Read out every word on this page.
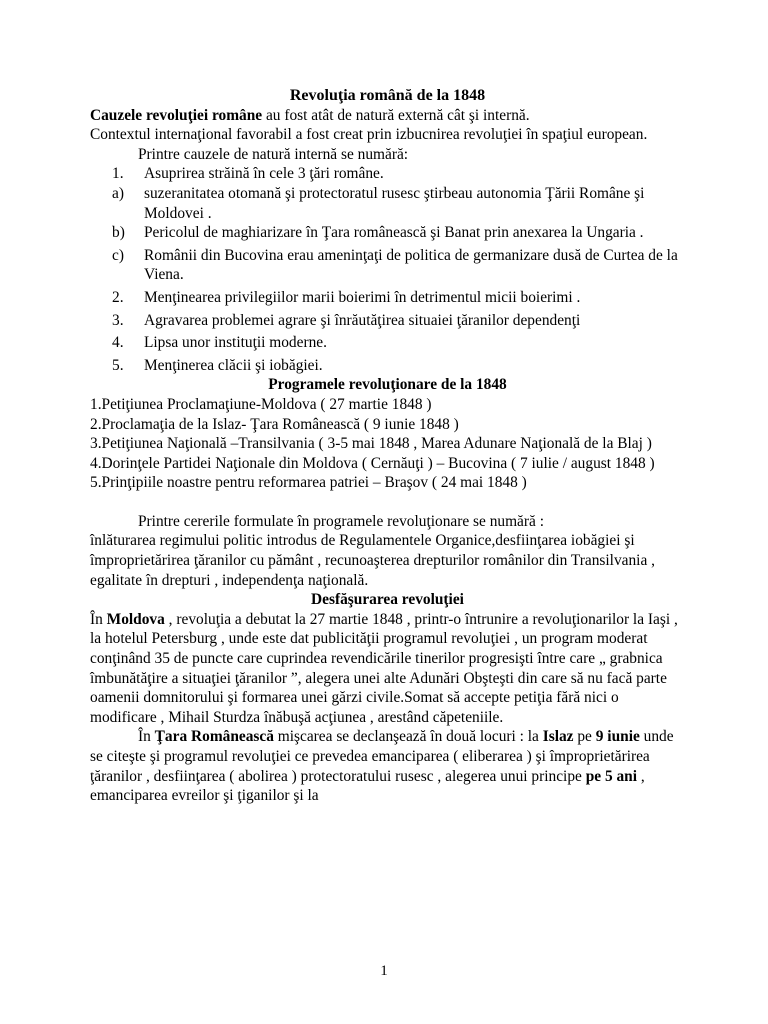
Revoluţia română de la 1848

Cauzele revoluţiei române au fost atât de natură externă cât şi internă.

Contextul internaţional favorabil a fost creat prin izbucnirea revoluţiei în spaţiul european.

Printre cauzele de natură internă se numără:

1.	Asuprirea străină în cele 3 ţări române.
a)	suzeranitatea otomană şi protectoratul rusesc ştirbeau autonomia Ţării Române şi Moldovei .
b)	Pericolul de maghiarizare în Ţara românească şi Banat prin anexarea la Ungaria .
c)	Românii din Bucovina erau ameninţaţi de politica de germanizare dusă de Curtea de la Viena.
2.	Menţinearea privilegiilor marii boierimi în detrimentul micii boierimi .
3.	Agravarea problemei agrare şi înrăutăţirea situaiei ţăranilor dependenţi
4.	Lipsa unor instituţii moderne.
5.	Menţinerea clăcii şi iobăgiei.
Programele revoluţionare de la 1848

1.Petiţiunea Proclamaţiune-Moldova ( 27 martie 1848 )

2.Proclamaţia de la Islaz- Ţara Românească ( 9 iunie 1848 )

3.Petiţiunea Naţională –Transilvania ( 3-5 mai 1848 , Marea Adunare Naţională de la Blaj )

4.Dorinţele Partidei Naţionale din Moldova ( Cernăuţi ) – Bucovina ( 7 iulie / august 1848 )

5.Prinţipiile noastre pentru reformarea patriei – Braşov ( 24 mai 1848 )

Printre cererile formulate în programele revoluţionare se numără :

înlăturarea regimului politic introdus de Regulamentele Organice,desfiinţarea iobăgiei şi împroprietărirea ţăranilor cu pământ , recunoaşterea drepturilor românilor din Transilvania , egalitate în drepturi , independenţa naţională.

Desfăşurarea revoluţiei

În Moldova , revoluţia a debutat la 27 martie 1848 , printr-o întrunire a revoluţionarilor la Iaşi , la hotelul Petersburg , unde este dat publicităţii programul revoluţiei , un program moderat conţinând 35 de puncte care cuprindea revendicările tinerilor progresişti între care „ grabnica îmbunătăţire a situaţiei ţăranilor ”, alegera unei alte Adunări Obşteşti din care să nu facă parte oamenii domnitorului şi formarea unei gărzi civile.Somat să accepte petiţia fără nici o modificare , Mihail Sturdza înăbuşă acţiunea , arestând căpeteniile.

În Ţara Românească mişcarea se declanşează în două locuri : la Islaz pe 9 iunie unde se citeşte şi programul revoluţiei ce prevedea emanciparea ( eliberarea ) şi împroprietărirea ţăranilor , desfiinţarea ( abolirea ) protectoratului rusesc , alegerea unui principe pe 5 ani , emanciparea evreilor şi ţiganilor şi la

1
